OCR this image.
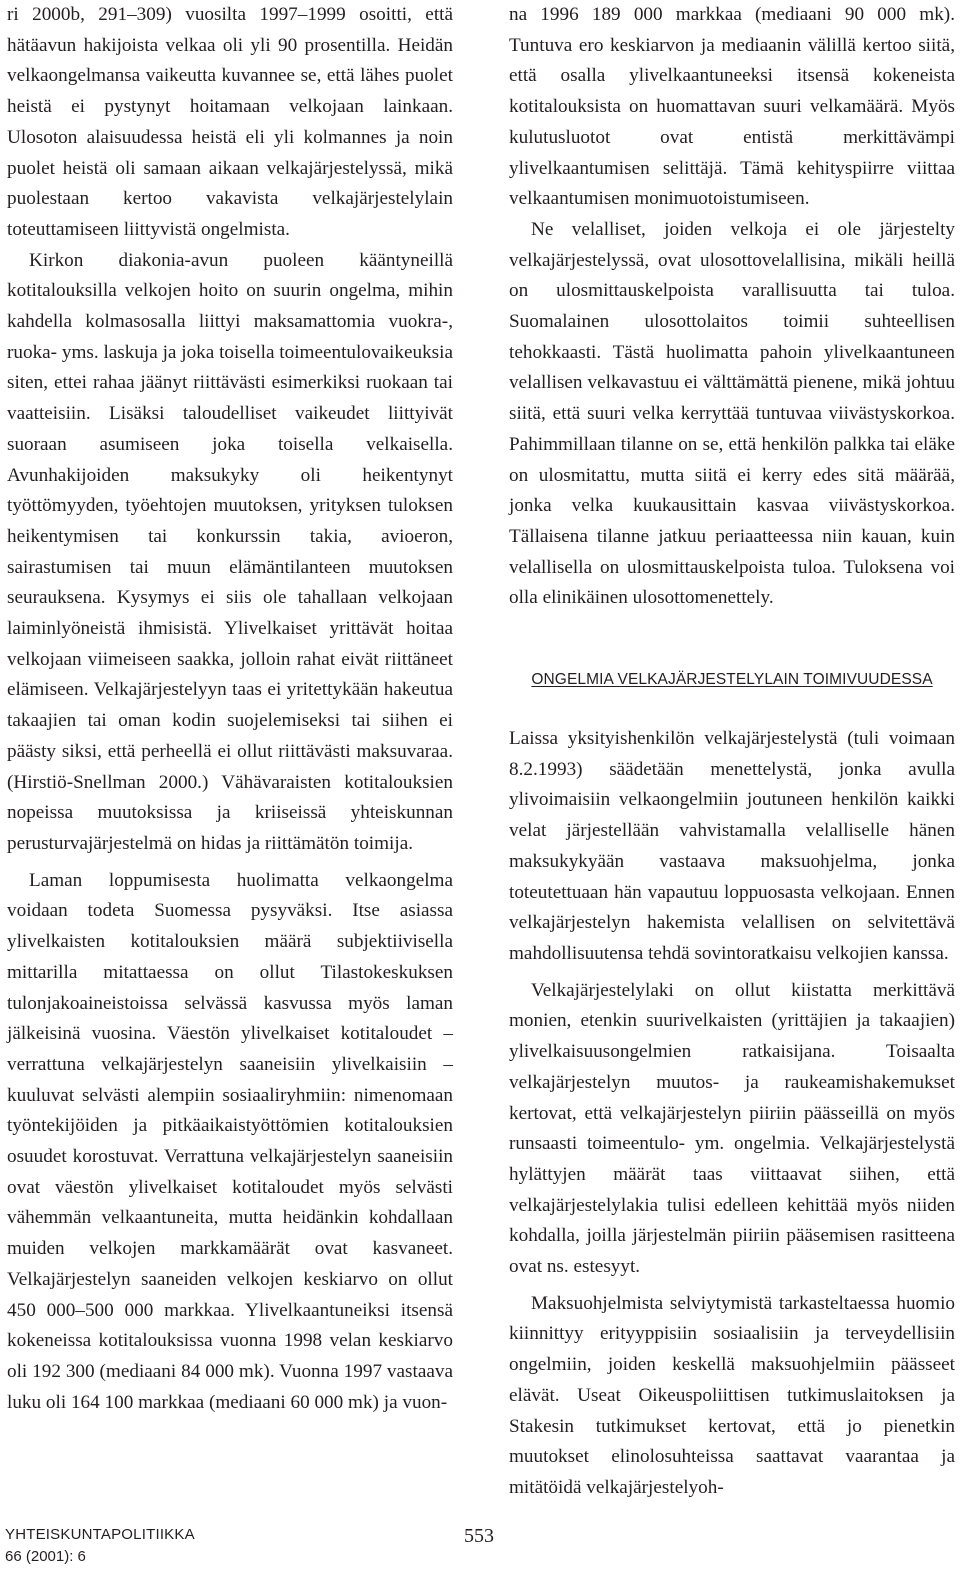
ri 2000b, 291–309) vuosilta 1997–1999 osoitti, että hätäavun hakijoista velkaa oli yli 90 prosentilla. Heidän velkaongelmansa vaikeutta kuvannee se, että lähes puolet heistä ei pystynyt hoitamaan velkojaan lainkaan. Ulosoton alaisuudessa heistä eli yli kolmannes ja noin puolet heistä oli samaan aikaan velkajärjestelyssä, mikä puolestaan kertoo vakavista velkajärjestelylain toteuttamiseen liittyvistä ongelmista.

Kirkon diakonia-avun puoleen kääntyneillä kotitalouksilla velkojen hoito on suurin ongelma, mihin kahdella kolmasosalla liittyi maksamattomia vuokra-, ruoka- yms. laskuja ja joka toisella toimeentulovaikeuksia siten, ettei rahaa jäänyt riittävästi esimerkiksi ruokaan tai vaatteisiin. Lisäksi taloudelliset vaikeudet liittyivät suoraan asumiseen joka toisella velkaisella. Avunhakijoiden maksukyky oli heikentynyt työttömyyden, työehtojen muutoksen, yrityksen tuloksen heikentymisen tai konkurssin takia, avioeron, sairastumisen tai muun elämäntilanteen muutoksen seurauksena. Kysymys ei siis ole tahallaan velkojaan laiminlyöneistä ihmisistä. Ylivelkaiset yrittävät hoitaa velkojaan viimeiseen saakka, jolloin rahat eivät riittäneet elämiseen. Velkajärjestelyyn taas ei yritettykään hakeutua takaajien tai oman kodin suojelemiseksi tai siihen ei päästy siksi, että perheellä ei ollut riittävästi maksuvaraa. (Hirstiö-Snellman 2000.) Vähävaraisten kotitalouksien nopeissa muutoksissa ja kriiseissä yhteiskunnan perusturvajärjestelmä on hidas ja riittämätön toimija.

Laman loppumisesta huolimatta velkaongelma voidaan todeta Suomessa pysyväksi. Itse asiassa ylivelkaisten kotitalouksien määrä subjektiivisella mittarilla mitattaessa on ollut Tilastokeskuksen tulonjakoaineistoissa selvässä kasvussa myös laman jälkeisinä vuosina. Väestön ylivelkaiset kotitaloudet – verrattuna velkajärjestelyn saaneisiin ylivelkaisiin – kuuluvat selvästi alempiin sosiaaliryhmiin: nimenomaan työntekijöiden ja pitkäaikaistyöttömien kotitalouksien osuudet korostuvat. Verrattuna velkajärjestelyn saaneisiin ovat väestön ylivelkaiset kotitaloudet myös selvästi vähemmän velkaantuneita, mutta heidänkin kohdallaan muiden velkojen markkamäärät ovat kasvaneet. Velkajärjestelyn saaneiden velkojen keskiarvo on ollut 450 000–500 000 markkaa. Ylivelkaantuneiksi itsensä kokeneissa kotitalouksissa vuonna 1998 velan keskiarvo oli 192 300 (mediaani 84 000 mk). Vuonna 1997 vastaava luku oli 164 100 markkaa (mediaani 60 000 mk) ja vuon-

na 1996 189 000 markkaa (mediaani 90 000 mk). Tuntuva ero keskiarvon ja mediaanin välillä kertoo siitä, että osalla ylivelkaantuneeksi itsensä kokeneista kotitalouksista on huomattavan suuri velkamäärä. Myös kulutusluotot ovat entistä merkittävämpi ylivelkaantumisen selittäjä. Tämä kehityspiirre viittaa velkaantumisen monimuotoistumiseen.

Ne velalliset, joiden velkoja ei ole järjestelty velkajärjestelyssä, ovat ulosottovelallisina, mikäli heillä on ulosmittauskelpoista varallisuutta tai tuloa. Suomalainen ulosottolaitos toimii suhteellisen tehokkaasti. Tästä huolimatta pahoin ylivelkaantuneen velallisen velkavastuu ei välttämättä pienene, mikä johtuu siitä, että suuri velka kerryttää tuntuvaa viivästyskorkoa. Pahimmillaan tilanne on se, että henkilön palkka tai eläke on ulosmitattu, mutta siitä ei kerry edes sitä määrää, jonka velka kuukausittain kasvaa viivästyskorkoa. Tällaisena tilanne jatkuu periaatteessa niin kauan, kuin velallisella on ulosmittauskelpoista tuloa. Tuloksena voi olla elinikäinen ulosottomenettely.

ONGELMIA VELKAJÄRJESTELYLAIN TOIMIVUUDESSA

Laissa yksityishenkilön velkajärjestelystä (tuli voimaan 8.2.1993) säädetään menettelystä, jonka avulla ylivoimaisiin velkaongelmiin joutuneen henkilön kaikki velat järjestellään vahvistamalla velalliselle hänen maksukykyään vastaava maksuohjelma, jonka toteutettuaan hän vapautuu loppuosasta velkojaan. Ennen velkajärjestelyn hakemista velallisen on selvitettävä mahdollisuutensa tehdä sovintoratkaisu velkojien kanssa.

Velkajärjestelylaki on ollut kiistatta merkittävä monien, etenkin suurivelkaisten (yrittäjien ja takaajien) ylivelkaisuusongelmien ratkaisijana. Toisaalta velkajärjestelyn muutos- ja raukeamishakemukset kertovat, että velkajärjestelyn piiriin päässeillä on myös runsaasti toimeentulo- ym. ongelmia. Velkajärjestelystä hylättyjen määrät taas viittaavat siihen, että velkajärjestelylakia tulisi edelleen kehittää myös niiden kohdalla, joilla järjestelmän piiriin pääsemisen rasitteena ovat ns. estesyyt.

Maksuohjelmista selviytymistä tarkasteltaessa huomio kiinnittyy erityyppisiin sosiaalisiin ja terveydellisiin ongelmiin, joiden keskellä maksuohjelmiin päässeet elävät. Useat Oikeuspoliittisen tutkimuslaitoksen ja Stakesin tutkimukset kertovat, että jo pienetkin muutokset elinolosuhteissa saattavat vaarantaa ja mitätöidä velkajärjestelyoh-

YHTEISKUNTAPOLITIIKKA
66 (2001): 6
553
